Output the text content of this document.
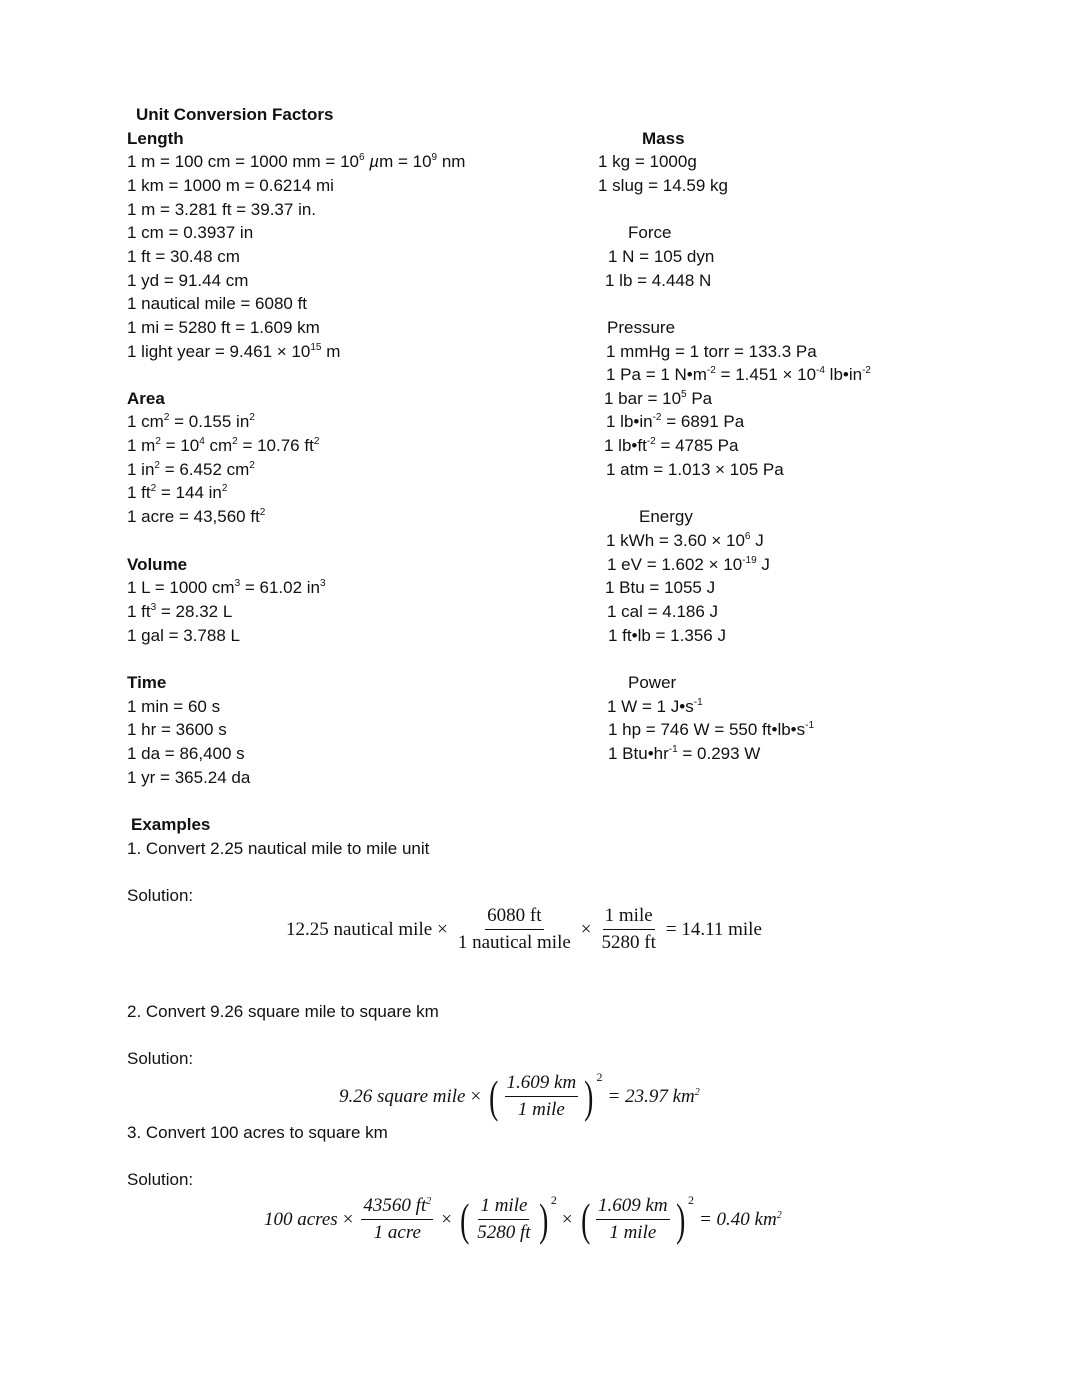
Unit Conversion Factors
Length
1 m = 100 cm = 1000 mm = $10^6$ $\mu m = 10^9$ nm
1 km = 1000 m = 0.6214 mi
1 m = 3.281 ft = 39.37 in.
1 cm = 0.3937 in
1 ft = 30.48 cm
1 yd = 91.44 cm
1 nautical mile = 6080 ft
1 mi = 5280 ft = 1.609 km
1 light year = $9.461 \times 10^{15}$ m
Area
1 $cm^2 = 0.155$ $in^2$
1 $m^2 = 10^4$ $cm^2 = 10.76$ $ft^2$
1 $in^2 = 6.452$ $cm^2$
1 $ft^2 = 144$ $in^2$
1 acre = 43,560 $ft^2$
Volume
1 L = 1000 $cm^3 = 61.02$ $in^3$
1 $ft^3 = 28.32$ L
1 gal = 3.788 L
Time
1 min = 60 s
1 hr = 3600 s
1 da = 86,400 s
1 yr = 365.24 da
Mass
1 kg = 1000g
1 slug = 14.59 kg
Force
1 N = 105 dyn
1 lb = 4.448 N
Pressure
1 mmHg = 1 torr = 133.3 Pa
1 Pa = 1 $N•m^{-2} = 1.451 \times 10^{-4}$ $lb•in^{-2}$
1 bar = $10^5$ Pa
1 $lb•in^{-2} = 6891$ Pa
1 $lb•ft^{-2} = 4785$ Pa
1 atm = 1.013 × 105 Pa
Energy
1 kWh = $3.60 \times 10^6$ J
1 eV = $1.602 \times 10^{-19}$ J
1 Btu = 1055 J
1 cal = 4.186 J
1 ft•lb = 1.356 J
Power
1 W = 1 $J•s^{-1}$
1 hp = 746 W = 550 $ft•lb•s^{-1}$
1 $Btu•hr^{-1} = 0.293$ W
Examples
1. Convert 2.25 nautical mile to mile unit
Solution:
12.25 nautical mile × $\frac{6080 ft}{\text{1 nautical mile}} \times \frac{\text{1 mile}}{5280 ft} = 14.11$ mile
2. Convert 9.26 square mile to square km
Solution:
9.26 square mile × ( $\frac{1.609 km}{\text{1 mile}}$ ) 2
= 23.97 $km^2$
3. Convert 100 acres to square km
Solution:
100 acres × $\frac{43560 ft^2}{\text{1 acre}}$ × ( $\frac{\text{1 mile}}{5280 ft}$ ) 2
× ( $\frac{1.609 km}{\text{1 mile}}$ ) 2
= 0.40 $km^2$
